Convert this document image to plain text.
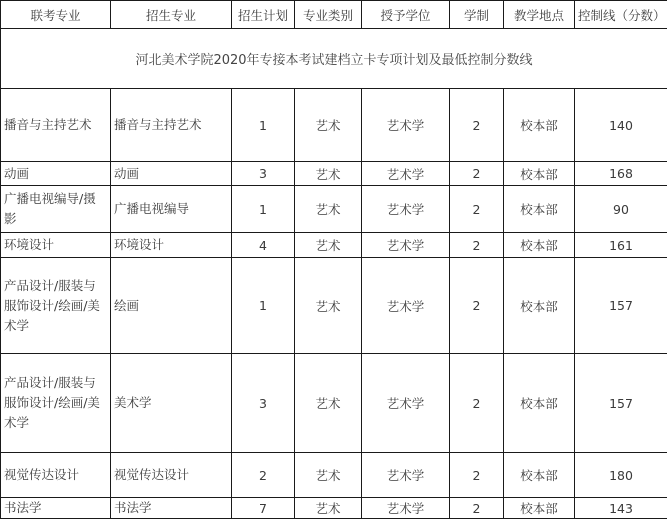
河北美术学院2020年专接本考试建档立卡专项计划及最低控制分数线							
联考专业	招生专业	招生计划	专业类别	授予学位	学制	教学地点	控制线（分数）
播音与主持艺术	播音与主持艺术	1	艺术	艺术学	2	校本部	140
动画	动画	3	艺术	艺术学	2	校本部	168
广播电视编导/摄影	广播电视编导	1	艺术	艺术学	2	校本部	90
环境设计	环境设计	4	艺术	艺术学	2	校本部	161
产品设计/服装与服饰设计/绘画/美术学	绘画	1	艺术	艺术学	2	校本部	157
产品设计/服装与服饰设计/绘画/美术学	美术学	3	艺术	艺术学	2	校本部	157
视觉传达设计	视觉传达设计	2	艺术	艺术学	2	校本部	180
书法学	书法学	7	艺术	艺术学	2	校本部	143
